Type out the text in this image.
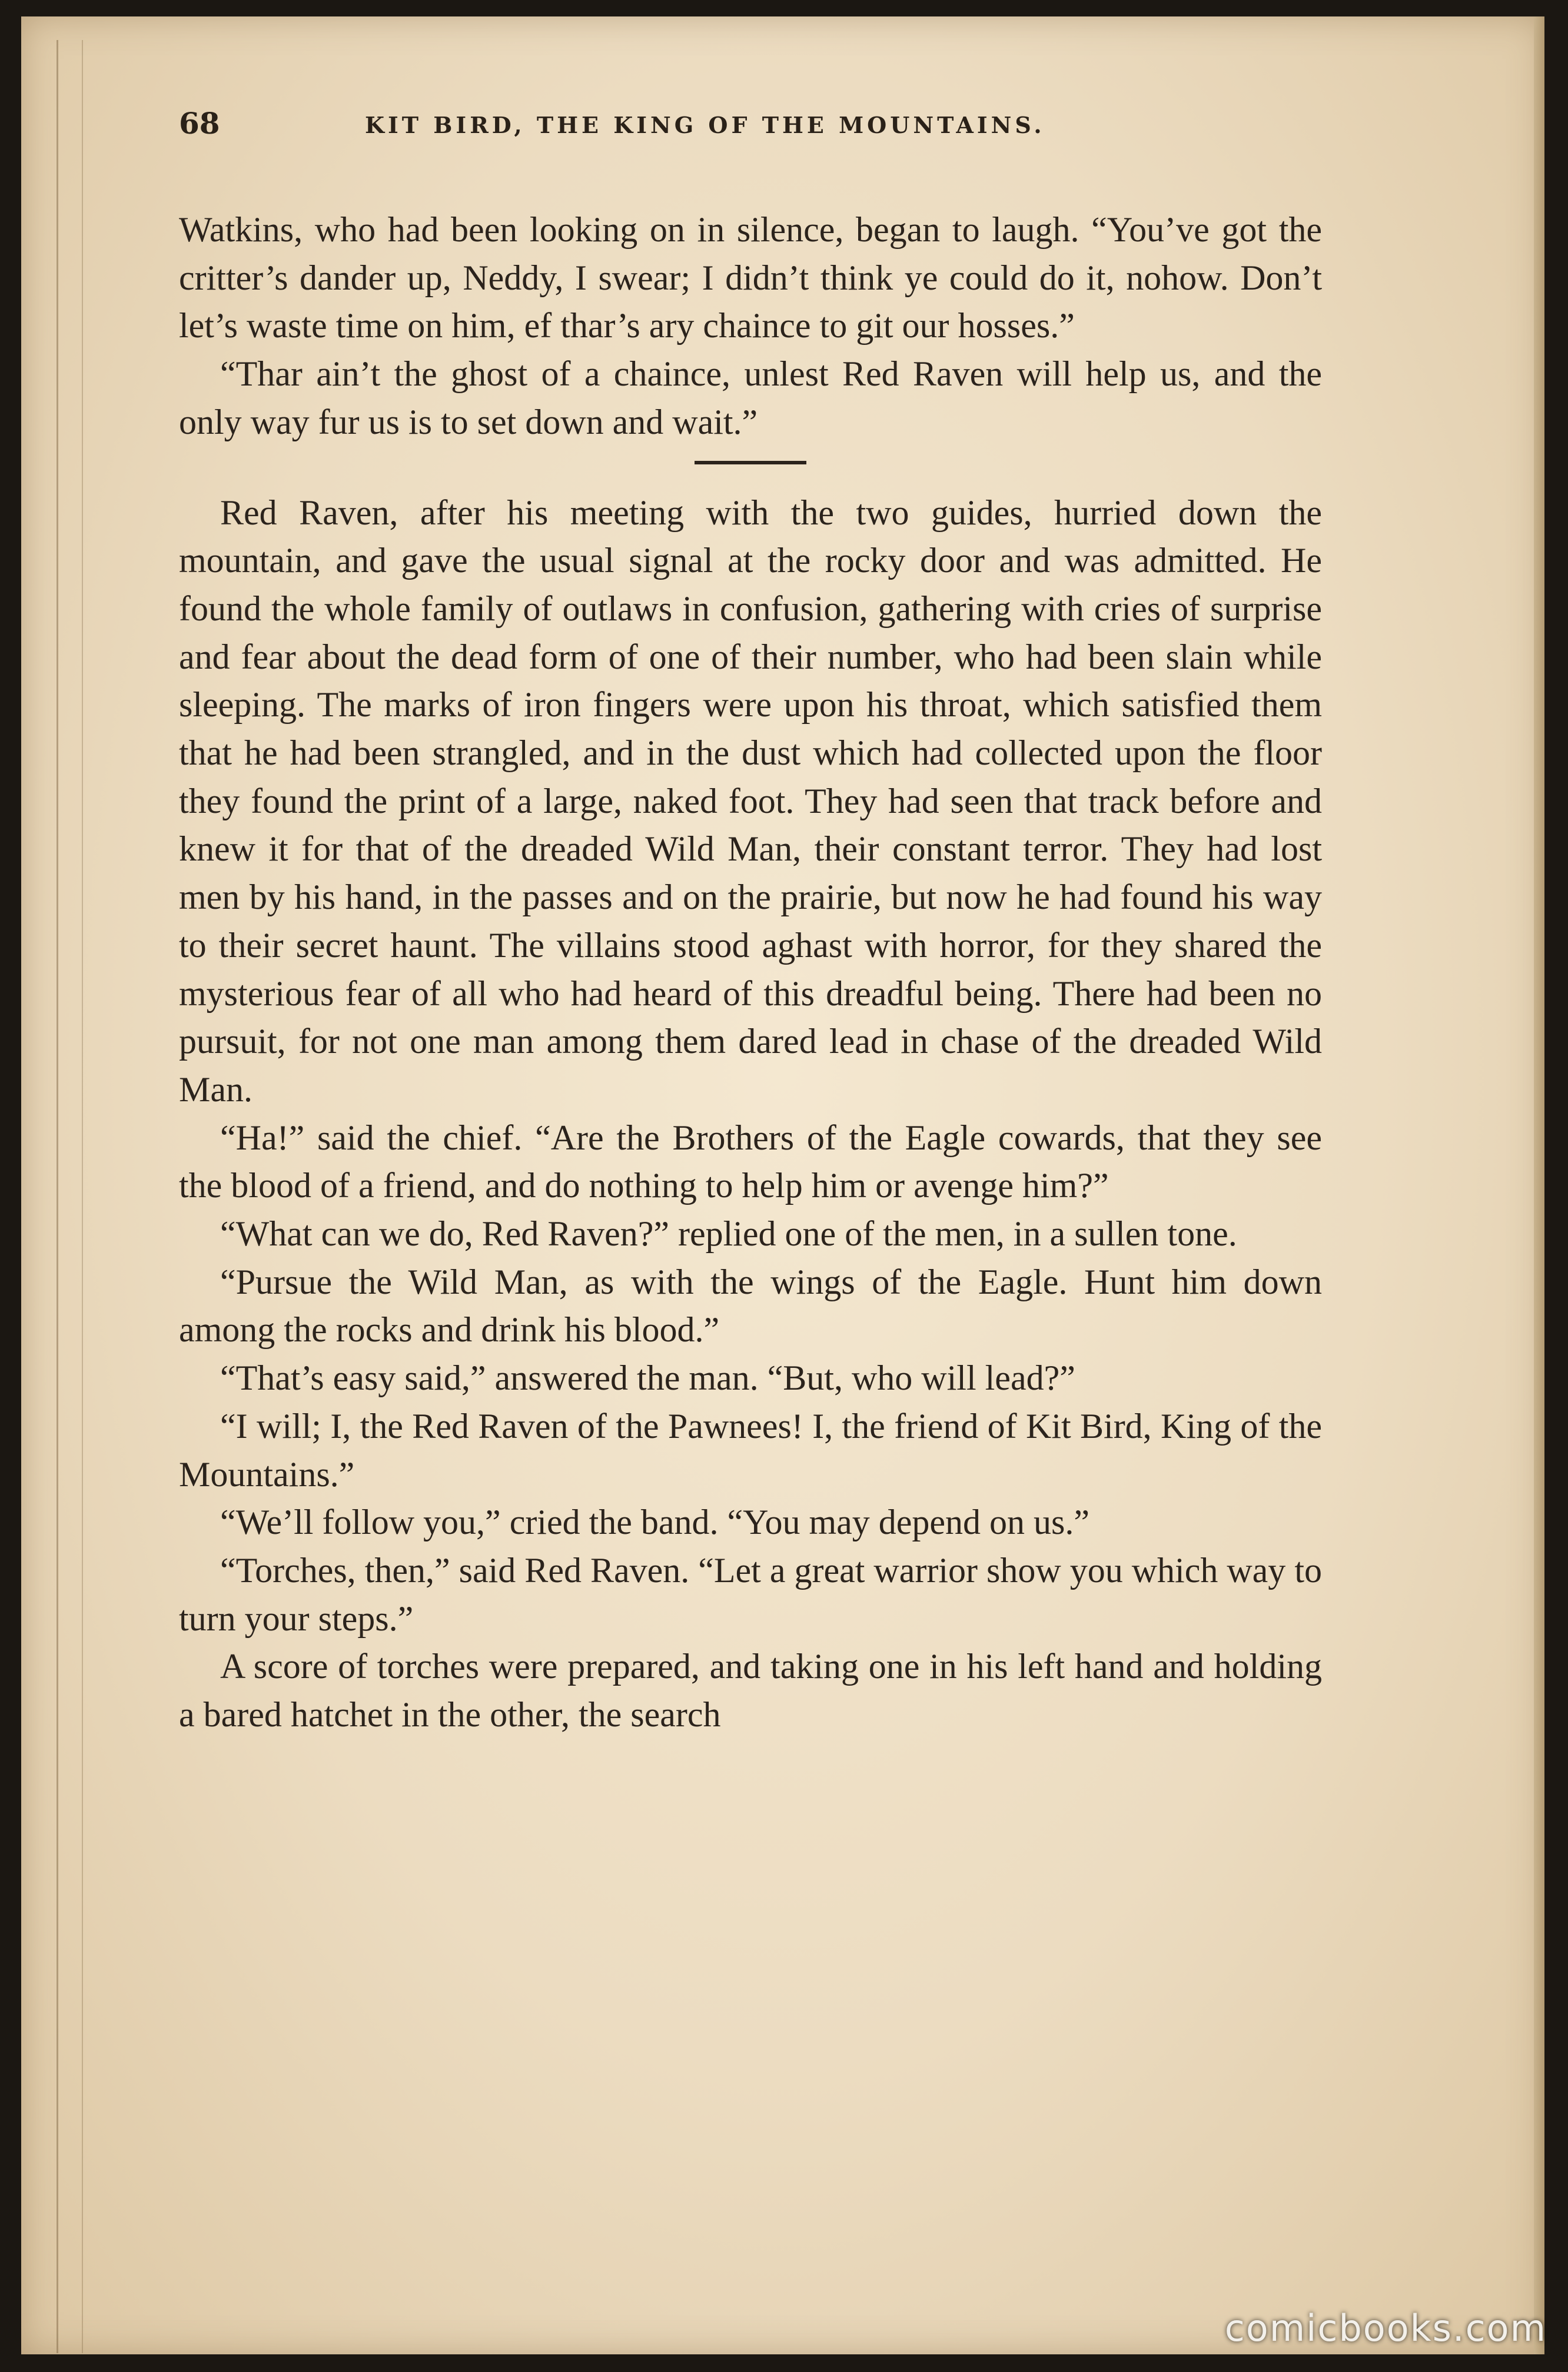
68	KIT BIRD, THE KING OF THE MOUNTAINS.

Watkins, who had been looking on in silence, began to laugh. “You’ve got the critter’s dander up, Neddy, I swear; I didn’t think ye could do it, nohow. Don’t let’s waste time on him, ef thar’s ary chaince to git our hosses.”

“Thar ain’t the ghost of a chaince, unlest Red Raven will help us, and the only way fur us is to set down and wait.”

Red Raven, after his meeting with the two guides, hurried down the mountain, and gave the usual signal at the rocky door and was admitted. He found the whole family of outlaws in confusion, gathering with cries of surprise and fear about the dead form of one of their number, who had been slain while sleeping. The marks of iron fingers were upon his throat, which satisfied them that he had been strangled, and in the dust which had collected upon the floor they found the print of a large, naked foot. They had seen that track before and knew it for that of the dreaded Wild Man, their constant terror. They had lost men by his hand, in the passes and on the prairie, but now he had found his way to their secret haunt. The villains stood aghast with horror, for they shared the mysterious fear of all who had heard of this dreadful being. There had been no pursuit, for not one man among them dared lead in chase of the dreaded Wild Man.

“Ha!” said the chief. “Are the Brothers of the Eagle cowards, that they see the blood of a friend, and do nothing to help him or avenge him?”

“What can we do, Red Raven?” replied one of the men, in a sullen tone.

“Pursue the Wild Man, as with the wings of the Eagle. Hunt him down among the rocks and drink his blood.”

“That’s easy said,” answered the man. “But, who will lead?”

“I will; I, the Red Raven of the Pawnees! I, the friend of Kit Bird, King of the Mountains.”

“We’ll follow you,” cried the band. “You may depend on us.”

“Torches, then,” said Red Raven. “Let a great warrior show you which way to turn your steps.”

A score of torches were prepared, and taking one in his left hand and holding a bared hatchet in the other, the search

comicbooks.com
